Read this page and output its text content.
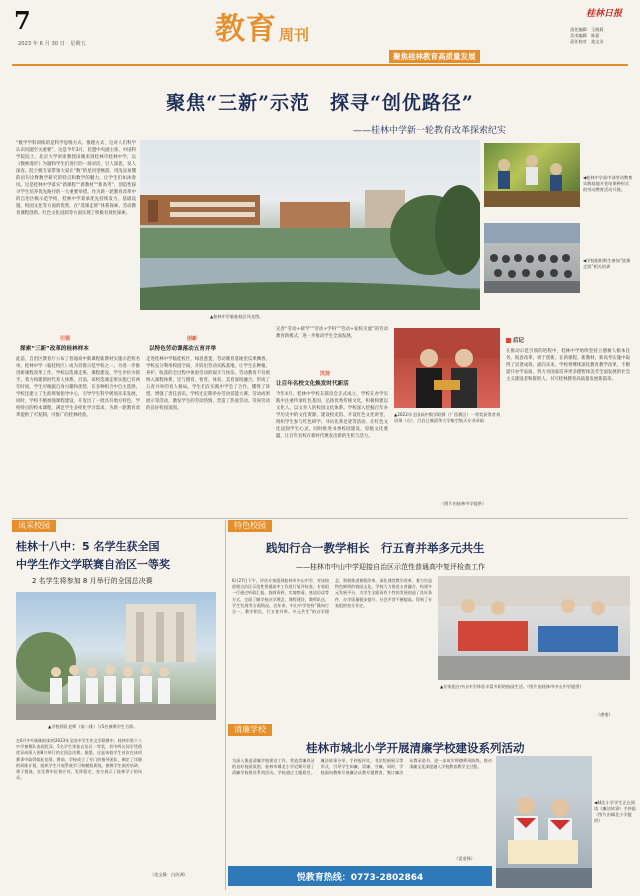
7
2023 年 6 月 30 日　星期五	教育 周刊
聚焦桂林教育高质量发展
桂林日报
责任编辑　王晓莉
美术编辑　陈嘉
责任校对　莫文洁
聚焦“三新”示范　探寻“创优路径”
——桂林中学新一轮教育改革探索纪实
“数学学科训练的是科学思维方式、推理方式，这对人们科学认识问题至关重要”，这是今年3月，民盟中央副主席、中国科学院院士、北京大学讲席教授田刚来到桂林市桂林中学，以《数林漫步》为题和学生们进行的一场对话。引人深思，发人深省。院士级专家带领大家在“数”的星河里畅游，用浅显易懂的语句诠释数学研究的特点和数学的魅力，让学生们如沐春风。这是桂林中学落实“新课程”“新教材”“新高考”，创造性探寻学生培养优先路径的一大重要举措。作为新一轮教育改革中的自治区级示范学校，桂林中学秉承优先持续发力，基础设施、校园文化等方面的优势，在“选课走班”体系探索、劳动教育课程创新、红色文化浸润等方面实现了积极有效化探索。
▲桂林中学临桂校区风光图。
◀桂林中学高中部劳动教育实践基地开花结果种形式的劳动教育活动开展。
◀学校组织师生参加“选课走班”相关培训
引领
探索“三新”改革的桂林样本
此前，自治区教育厅公布了普通高中新课程新教材实施示范校名单，桂林中学（临桂校区）成为首批示范学校之一。为进一步推进新课程改革工作，学校以选课走班、课程建设、学生评价为抓手，着力构建新时代育人体系。目前，该校选课走班实施已有两年时间，学生可根据自身兴趣和优势，在多种组合中自主选择。学校还建立了生涯规划指导中心，引导学生科学规划未来发展。同时，学校不断加强课程建设，开发出了一批具有地方特色、学校特点的校本课程，满足学生多样化学习需求，为新一轮教育改革提供了可复制、可推广的桂林经验。
创新
以特色劳动课落动五育并举
走进桂林中学临桂校区，绿意葱茏，劳动教育基地里瓜果飘香。学校充分利用校园空间，开辟出劳动实践基地，让学生在种植、养护、收获的全过程中体验劳动的艰辛与快乐。劳动教育不仅被纳入课程体系，还与德育、智育、体育、美育深度融合，形成了五育并举的育人格局。学生们在实践中学会了合作，懂得了珍惜，增强了责任意识。学校还定期举办劳动技能大赛、劳动成果展示等活动，激发学生的劳动热情，营造了热爱劳动、崇尚劳动的良好校园氛围。
完善“劳动+研学”“劳动+学科”“劳动+家校交流”的劳动教育新模式，进一步推动学生全面发展。
沉淀
让百年名校文化焕发时代新活
今年4月，桂林中学校友联谊会正式成立，学校在办学实践中注重传承红色基因、弘扬优秀传统文化，积极构建以文化人、以文育人的校园文化体系。学校深入挖掘百年办学历史中的文化资源，建设校史馆、开设红色文化讲堂，组织学生参与红色研学、寻访先辈足迹等活动，让红色文化浸润学生心灵，同时推进书香校园建设，厚植文化底蕴，让百年名校在新时代焕发出新的生机与活力。
▲2022年全国高中数学联赛（广西赛区）一等奖获得者刘语琦（右）、吕启已被清华大学航空航天专业录取
后记
在推动示范引领的进程中，桂林中学始终坚持立德树人根本任务，锐意改革，勇于创新，在新课程、新教材、新高考实施中取得了显著成效。面向未来，学校将继续深化教育教学改革，不断提升办学品质，努力为国家培养更多德智体美劳全面发展的社会主义建设者和接班人，书写桂林教育高质量发展新篇章。
（图片由桂林中学提供）
凤采校园
桂林十八中：5 名学生获全国
中学生作文学联赛自治区一等奖
2 名学生将参加 8 月举行的全国总决赛
▲学校领队老师（前二排）与5名参赛学生合影。
在6月中旬刚刚结束的2023年全国中学生作文学联赛中，桂林市第十八中学参赛队表现优异，5名学生荣获自治区一等奖，其中两名同学凭借优异成绩入围8月举行的全国总决赛。据悉，这是该校学生首次在该项赛事中取得如此佳绩。赛前，学校成立了专门的指导团队，制定了详细的训练计划，组织学生开展系统学习和模拟训练。参赛学生刻苦钻研、勇于挑战，在比赛中沉着应对、发挥稳定，充分展示了桂林学子的风采。
（范文静　白洁洲）
特色校园
践知行合一教学相长　行五育并举多元共生
——桂林市中山中学迎接自治区示范性普通高中复评检查工作
6月27日下午，评估专家组到桂林市中山中学，对该校创建自治区示范性普通高中工作进行复评检查。专家组一行通过听取汇报、查阅资料、实地察看、座谈访谈等方式，全面了解学校办学理念、课程建设、教师队伍、学生发展等方面情况。近年来，中山中学坚持“践知行合一、教学相长，行五育并举、多元共生”的办学理念，积极推进课程改革，深化课堂教学改革，着力打造特色鲜明的校园文化。学校大力推进五育融合，构建多元发展平台，为学生全面而有个性的发展创造了良好条件，办学质量稳步提升，社会声誉不断提高，得到了专家组的充分肯定。
▲专家组在中山中学体验丰富多彩的校园生活。（图片由桂林市中山中学提供）
（唐斐）
清廉学校
桂林市城北小学开展清廉学校建设系列活动
为深入推进清廉学校建设工作，营造崇廉尚洁的良好校园氛围，桂林市城北小学近期开展了清廉学校建设系列活动。学校通过主题班会、廉洁故事分享、手抄报评比、书法绘画展示等形式，引导学生知廉、崇廉、守廉。同时，学校面向教师开展廉洁从教专题教育，签订廉洁从教承诺书，进一步筑牢师德师风防线，推动清廉文化深度融入学校教育教学全过程。
（雷金锋）
◀城北小学学生正在阅读《廉洁故事》手抄报（图片由城北小学提供）
悦教育热线：0773-2802864
